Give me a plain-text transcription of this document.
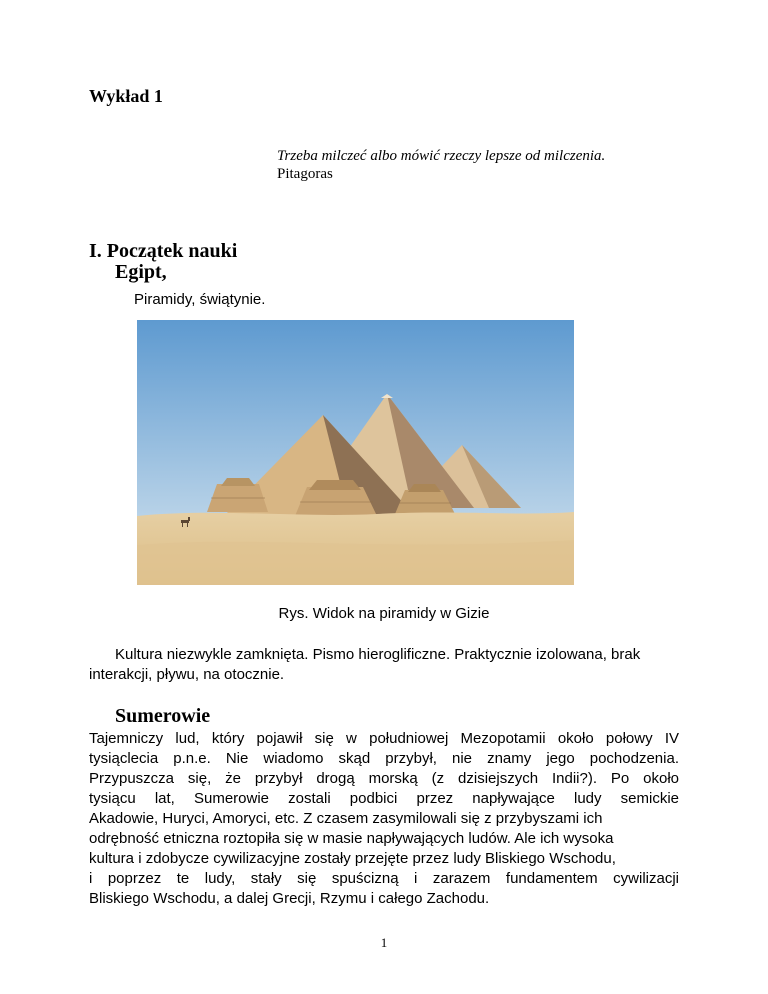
Wykład 1
Trzeba milczeć albo mówić rzeczy lepsze od milczenia.
Pitagoras
I. Początek nauki
Egipt,
Piramidy, świątynie.
Rys. Widok na piramidy w Gizie
Kultura niezwykle zamknięta. Pismo hieroglificzne. Praktycznie izolowana, brak interakcji, pływu, na otocznie.
Sumerowie
Tajemniczy lud, który pojawił się w południowej Mezopotamii około połowy IV
tysiąclecia p.n.e. Nie wiadomo skąd przybył, nie znamy jego pochodzenia.
Przypuszcza się, że przybył drogą morską (z dzisiejszych Indii?). Po około
tysiącu lat, Sumerowie zostali podbici przez napływające ludy semickie
Akadowie, Huryci, Amoryci, etc. Z czasem zasymilowali się z przybyszami ich
odrębność etniczna roztopiła się w masie napływających ludów. Ale ich wysoka
kultura i zdobycze cywilizacyjne zostały przejęte przez ludy Bliskiego Wschodu,
i poprzez te ludy, stały się spuścizną i zarazem fundamentem cywilizacji
Bliskiego Wschodu, a dalej Grecji, Rzymu i całego Zachodu.
1
